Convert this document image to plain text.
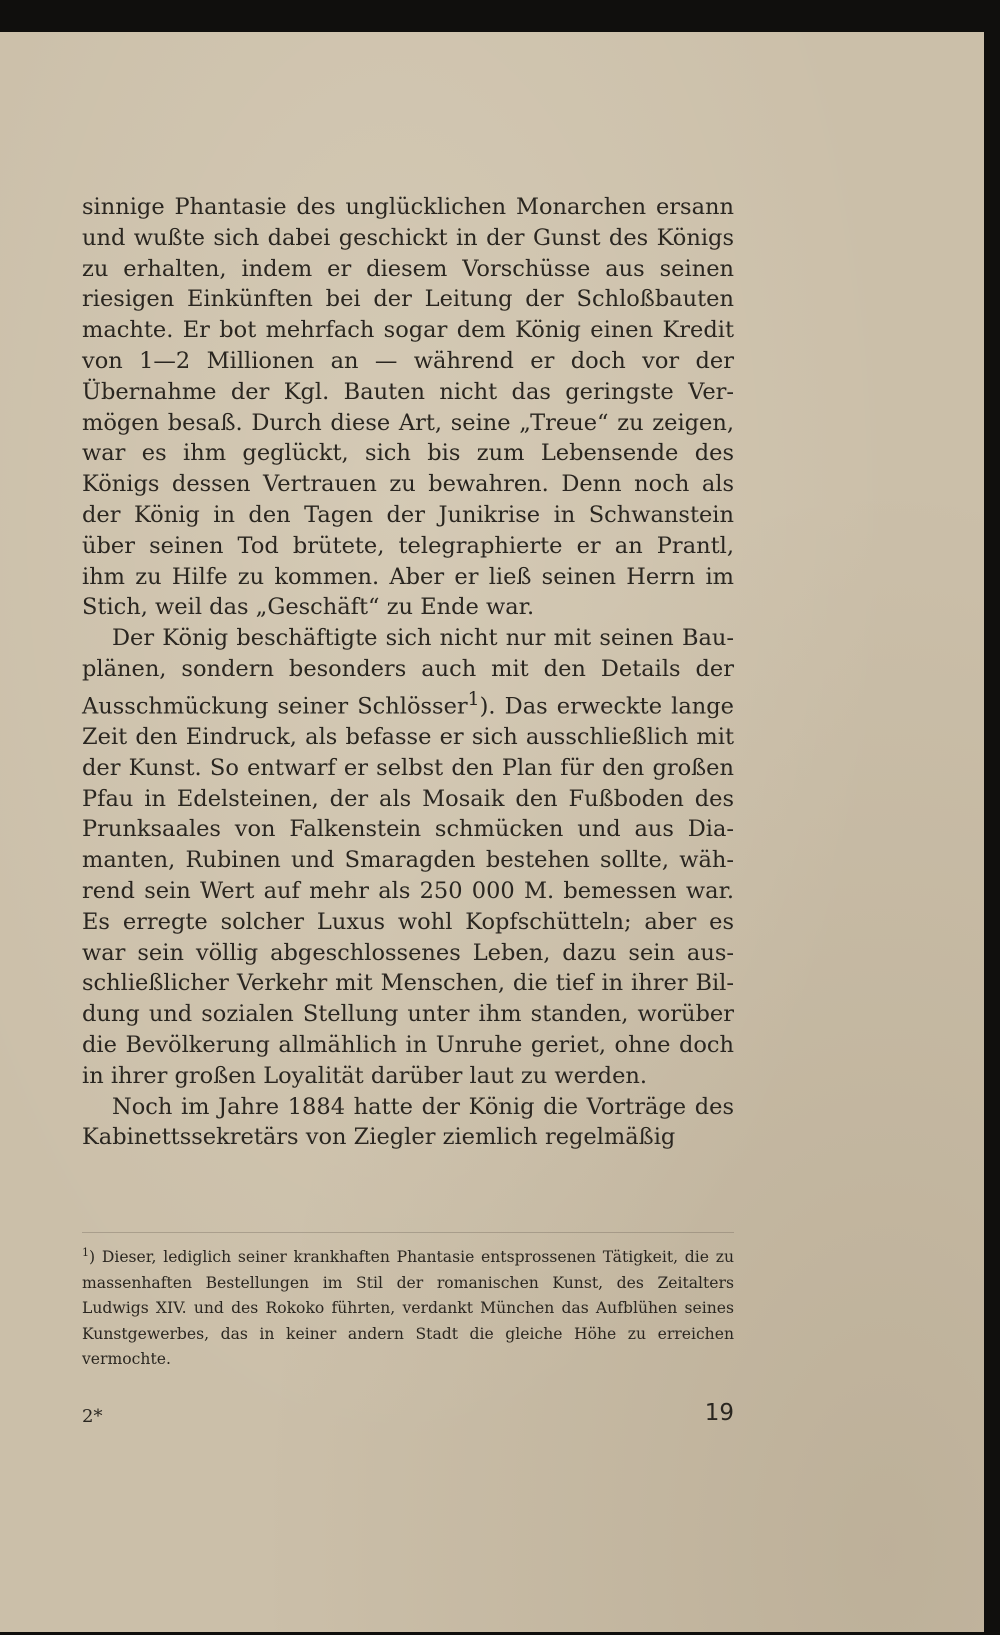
sinnige Phantasie des unglücklichen Monarchen ersann und wußte sich dabei geschickt in der Gunst des Königs zu erhalten, indem er diesem Vorschüsse aus seinen riesigen Einkünften bei der Leitung der Schloßbauten machte. Er bot mehrfach sogar dem König einen Kredit von 1—2 Millionen an — während er doch vor der Übernahme der Kgl. Bauten nicht das geringste Vermögen besaß. Durch diese Art, seine „Treue“ zu zeigen, war es ihm geglückt, sich bis zum Lebensende des Königs dessen Vertrauen zu bewahren. Denn noch als der König in den Tagen der Junikrise in Schwanstein über seinen Tod brütete, telegraphierte er an Prantl, ihm zu Hilfe zu kommen. Aber er ließ seinen Herrn im Stich, weil das „Geschäft“ zu Ende war.

Der König beschäftigte sich nicht nur mit seinen Bauplänen, sondern besonders auch mit den Details der Ausschmückung seiner Schlösser$^1$). Das erweckte lange Zeit den Eindruck, als befasse er sich ausschließlich mit der Kunst. So entwarf er selbst den Plan für den großen Pfau in Edelsteinen, der als Mosaik den Fußboden des Prunksaales von Falkenstein schmücken und aus Diamanten, Rubinen und Smaragden bestehen sollte, während sein Wert auf mehr als 250 000 M. bemessen war. Es erregte solcher Luxus wohl Kopfschütteln; aber es war sein völlig abgeschlossenes Leben, dazu sein ausschließlicher Verkehr mit Menschen, die tief in ihrer Bildung und sozialen Stellung unter ihm standen, worüber die Bevölkerung allmählich in Unruhe geriet, ohne doch in ihrer großen Loyalität darüber laut zu werden.

Noch im Jahre 1884 hatte der König die Vorträge des Kabinettssekretärs von Ziegler ziemlich regelmäßig

$^1$) Dieser, lediglich seiner krankhaften Phantasie entsprossenen Tätigkeit, die zu massenhaften Bestellungen im Stil der romanischen Kunst, des Zeitalters Ludwigs XIV. und des Rokoko führten, verdankt München das Aufblühen seines Kunstgewerbes, das in keiner andern Stadt die gleiche Höhe zu erreichen vermochte.
2*	19
